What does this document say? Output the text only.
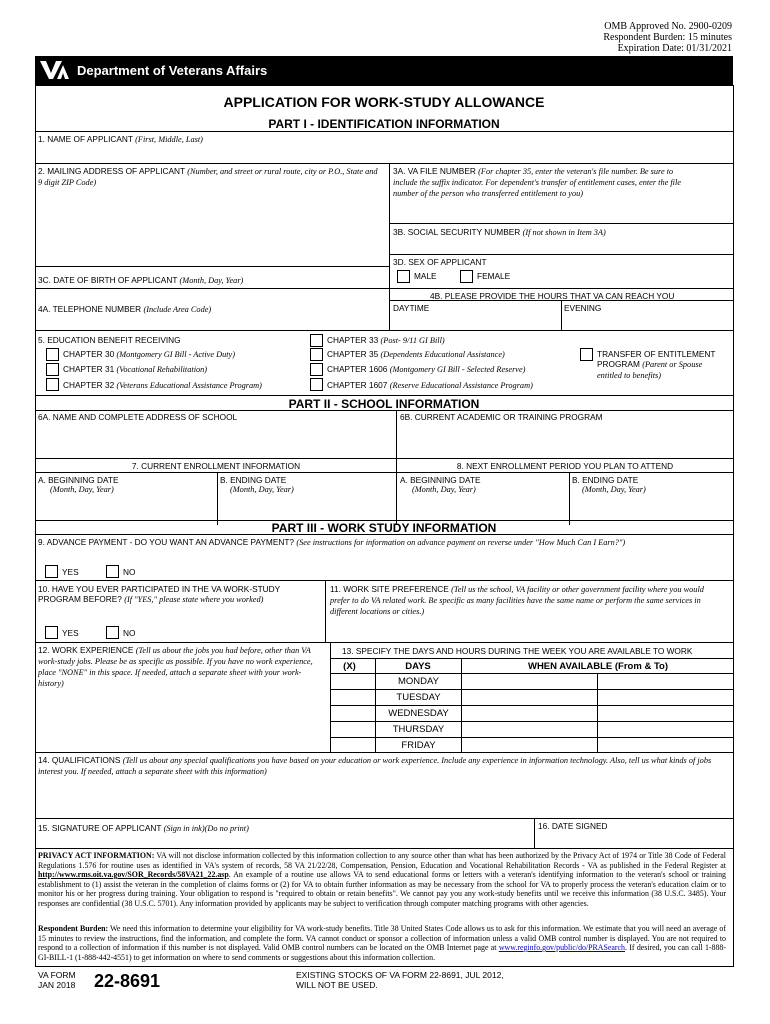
OMB Approved No. 2900-0209
Respondent Burden: 15 minutes
Expiration Date: 01/31/2021
Department of Veterans Affairs
APPLICATION FOR WORK-STUDY ALLOWANCE
PART I - IDENTIFICATION INFORMATION
1. NAME OF APPLICANT (First, Middle, Last)
2. MAILING ADDRESS OF APPLICANT (Number, and street or rural route, city or P.O., State and 9 digit ZIP Code)
3A. VA FILE NUMBER (For chapter 35, enter the veteran's file number. Be sure to include the suffix indicator. For dependent's transfer of entitlement cases, enter the file number of the person who transferred entitlement to you)
3B. SOCIAL SECURITY NUMBER (If not shown in Item 3A)
3D. SEX OF APPLICANT
MALE	FEMALE
3C. DATE OF BIRTH OF APPLICANT (Month, Day, Year)
4B. PLEASE PROVIDE THE HOURS THAT VA CAN REACH YOU
4A. TELEPHONE NUMBER (Include Area Code)	DAYTIME	EVENING
5. EDUCATION BENEFIT RECEIVING
CHAPTER 30 (Montgomery GI Bill - Active Duty)
CHAPTER 31 (Vocational Rehabilitation)
CHAPTER 32 (Veterans Educational Assistance Program)
CHAPTER 33 (Post- 9/11 GI Bill)
CHAPTER 35 (Dependents Educational Assistance)
CHAPTER 1606 (Montgomery GI Bill - Selected Reserve)
CHAPTER 1607 (Reserve Educational Assistance Program)
TRANSFER OF ENTITLEMENT PROGRAM (Parent or Spouse entitled to benefits)
PART II - SCHOOL INFORMATION
6A. NAME AND COMPLETE ADDRESS OF SCHOOL	6B. CURRENT ACADEMIC OR TRAINING PROGRAM
7. CURRENT ENROLLMENT INFORMATION	8. NEXT ENROLLMENT PERIOD YOU PLAN TO ATTEND
A. BEGINNING DATE
(Month, Day, Year)
B. ENDING DATE
(Month, Day, Year)
A. BEGINNING DATE
(Month, Day, Year)
B. ENDING DATE
(Month, Day, Year)
PART III - WORK STUDY INFORMATION
9. ADVANCE PAYMENT - DO YOU WANT AN ADVANCE PAYMENT? (See instructions for information on advance payment on reverse under "How Much Can I Earn?")
YES	NO
10. HAVE YOU EVER PARTICIPATED IN THE VA WORK-STUDY PROGRAM BEFORE? (If "YES," please state where you worked)
YES	NO
11. WORK SITE PREFERENCE (Tell us the school, VA facility or other government facility where you would prefer to do VA related work. Be specific as many facilities have the same name or perform the same services in different locations or cities.)
12. WORK EXPERIENCE (Tell us about the jobs you had before, other than VA work-study jobs. Please be as specific as possible. If you have no work experience, place "NONE" in this space. If needed, attach a separate sheet with your work-history)
13. SPECIFY THE DAYS AND HOURS DURING THE WEEK YOU ARE AVAILABLE TO WORK
(X)	DAYS	WHEN AVAILABLE (From & To)
MONDAY
TUESDAY
WEDNESDAY
THURSDAY
FRIDAY
14. QUALIFICATIONS (Tell us about any special qualifications you have based on your education or work experience. Include any experience in information technology. Also, tell us what kinds of jobs interest you. If needed, attach a separate sheet with this information)
15. SIGNATURE OF APPLICANT (Sign in ink)(Do no print)	16. DATE SIGNED
PRIVACY ACT INFORMATION: VA will not disclose information collected by this information collection to any source other than what has been authorized by the Privacy Act of 1974 or Title 38 Code of Federal Regulations 1.576 for routine uses as identified in VA's system of records, 58 VA 21/22/28, Compensation, Pension, Education and Vocational Rehabilitation Records - VA as published in the Federal Register at http://www.rms.oit.va.gov/SOR_Records/58VA21_22.asp. An example of a routine use allows VA to send educational forms or letters with a veteran's identifying information to the veteran's school or training establishment to (1) assist the veteran in the completion of claims forms or (2) for VA to obtain further information as may be necessary from the school for VA to properly process the veteran's education claim or to monitor his or her progress during training. Your obligation to respond is "required to obtain or retain benefits". We cannot pay you any work-study benefits until we receive this information (38 U.S.C. 3485). Your responses are confidential (38 U.S.C. 5701). Any information provided by applicants may be subject to verification through computer matching programs with other agencies.
Respondent Burden: We need this information to determine your eligibility for VA work-study benefits. Title 38 United States Code allows us to ask for this information. We estimate that you will need an average of 15 minutes to review the instructions, find the information, and complete the form. VA cannot conduct or sponsor a collection of information unless a valid OMB control number is displayed. You are not required to respond to a collection of information if this number is not displayed. Valid OMB control numbers can be located on the OMB Internet page at www.reginfo.gov/public/do/PRASearch. If desired, you can call 1-888-GI-BILL-1 (1-888-442-4551) to get information on where to send comments or suggestions about this information collection.
VA FORM
JAN 2018 22-8691	EXISTING STOCKS OF VA FORM 22-8691, JUL 2012,
WILL NOT BE USED.
